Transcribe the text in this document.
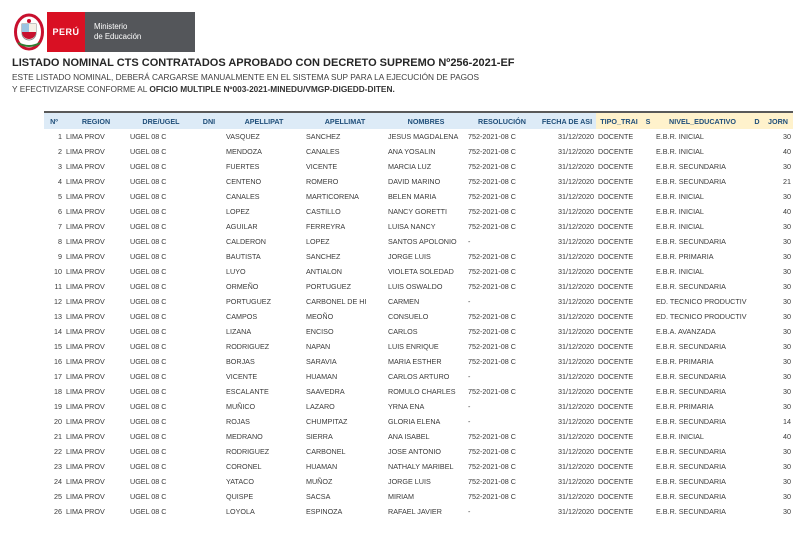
PERÚ
Ministerio
de Educación
LISTADO NOMINAL CTS CONTRATADOS APROBADO CON DECRETO SUPREMO Nº256-2021-EF
ESTE LISTADO NOMINAL, DEBERÁ CARGARSE MANUALMENTE EN EL SISTEMA SUP PARA LA EJECUCIÓN DE PAGOS
Y EFECTIVIZARSE CONFORME AL OFICIO MULTIPLE Nº003-2021-MINEDU/VMGP-DIGEDD-DITEN.
Nº	REGION	DRE/UGEL	DNI	APELLIPAT	APELLIMAT	NOMBRES	RESOLUCIÓN	FECHA DE ASI	TIPO_TRAI	S	NIVEL_EDUCATIVO	D	JORN
1	LIMA PROV	UGEL 08 C		VASQUEZ	SANCHEZ	JESUS MAGDALENA	752-2021-08 C	31/12/2020	DOCENTE		E.B.R. INICIAL		30
2	LIMA PROV	UGEL 08 C		MENDOZA	CANALES	ANA YOSALIN	752-2021-08 C	31/12/2020	DOCENTE		E.B.R. INICIAL		40
3	LIMA PROV	UGEL 08 C		FUERTES	VICENTE	MARCIA LUZ	752-2021-08 C	31/12/2020	DOCENTE		E.B.R. SECUNDARIA		30
4	LIMA PROV	UGEL 08 C		CENTENO	ROMERO	DAVID MARINO	752-2021-08 C	31/12/2020	DOCENTE		E.B.R. SECUNDARIA		21
5	LIMA PROV	UGEL 08 C		CANALES	MARTICORENA	BELEN MARIA	752-2021-08 C	31/12/2020	DOCENTE		E.B.R. INICIAL		30
6	LIMA PROV	UGEL 08 C		LOPEZ	CASTILLO	NANCY GORETTI	752-2021-08 C	31/12/2020	DOCENTE		E.B.R. INICIAL		40
7	LIMA PROV	UGEL 08 C		AGUILAR	FERREYRA	LUISA NANCY	752-2021-08 C	31/12/2020	DOCENTE		E.B.R. INICIAL		30
8	LIMA PROV	UGEL 08 C		CALDERON	LOPEZ	SANTOS APOLONIO	-	31/12/2020	DOCENTE		E.B.R. SECUNDARIA		30
9	LIMA PROV	UGEL 08 C		BAUTISTA	SANCHEZ	JORGE LUIS	752-2021-08 C	31/12/2020	DOCENTE		E.B.R. PRIMARIA		30
10	LIMA PROV	UGEL 08 C		LUYO	ANTIALON	VIOLETA SOLEDAD	752-2021-08 C	31/12/2020	DOCENTE		E.B.R. INICIAL		30
11	LIMA PROV	UGEL 08 C		ORMEÑO	PORTUGUEZ	LUIS OSWALDO	752-2021-08 C	31/12/2020	DOCENTE		E.B.R. SECUNDARIA		30
12	LIMA PROV	UGEL 08 C		PORTUGUEZ	CARBONEL DE HI	CARMEN	-	31/12/2020	DOCENTE		ED. TECNICO PRODUCTIV		30
13	LIMA PROV	UGEL 08 C		CAMPOS	MEOÑO	CONSUELO	752-2021-08 C	31/12/2020	DOCENTE		ED. TECNICO PRODUCTIV		30
14	LIMA PROV	UGEL 08 C		LIZANA	ENCISO	CARLOS	752-2021-08 C	31/12/2020	DOCENTE		E.B.A. AVANZADA		30
15	LIMA PROV	UGEL 08 C		RODRIGUEZ	NAPAN	LUIS ENRIQUE	752-2021-08 C	31/12/2020	DOCENTE		E.B.R. SECUNDARIA		30
16	LIMA PROV	UGEL 08 C		BORJAS	SARAVIA	MARIA ESTHER	752-2021-08 C	31/12/2020	DOCENTE		E.B.R. PRIMARIA		30
17	LIMA PROV	UGEL 08 C		VICENTE	HUAMAN	CARLOS ARTURO	-	31/12/2020	DOCENTE		E.B.R. SECUNDARIA		30
18	LIMA PROV	UGEL 08 C		ESCALANTE	SAAVEDRA	ROMULO CHARLES	752-2021-08 C	31/12/2020	DOCENTE		E.B.R. SECUNDARIA		30
19	LIMA PROV	UGEL 08 C		MUÑICO	LAZARO	YRNA ENA	-	31/12/2020	DOCENTE		E.B.R. PRIMARIA		30
20	LIMA PROV	UGEL 08 C		ROJAS	CHUMPITAZ	GLORIA ELENA	-	31/12/2020	DOCENTE		E.B.R. SECUNDARIA		14
21	LIMA PROV	UGEL 08 C		MEDRANO	SIERRA	ANA ISABEL	752-2021-08 C	31/12/2020	DOCENTE		E.B.R. INICIAL		40
22	LIMA PROV	UGEL 08 C		RODRIGUEZ	CARBONEL	JOSE ANTONIO	752-2021-08 C	31/12/2020	DOCENTE		E.B.R. SECUNDARIA		30
23	LIMA PROV	UGEL 08 C		CORONEL	HUAMAN	NATHALY MARIBEL	752-2021-08 C	31/12/2020	DOCENTE		E.B.R. SECUNDARIA		30
24	LIMA PROV	UGEL 08 C		YATACO	MUÑOZ	JORGE LUIS	752-2021-08 C	31/12/2020	DOCENTE		E.B.R. SECUNDARIA		30
25	LIMA PROV	UGEL 08 C		QUISPE	SACSA	MIRIAM	752-2021-08 C	31/12/2020	DOCENTE		E.B.R. SECUNDARIA		30
26	LIMA PROV	UGEL 08 C		LOYOLA	ESPINOZA	RAFAEL JAVIER	-	31/12/2020	DOCENTE		E.B.R. SECUNDARIA		30
